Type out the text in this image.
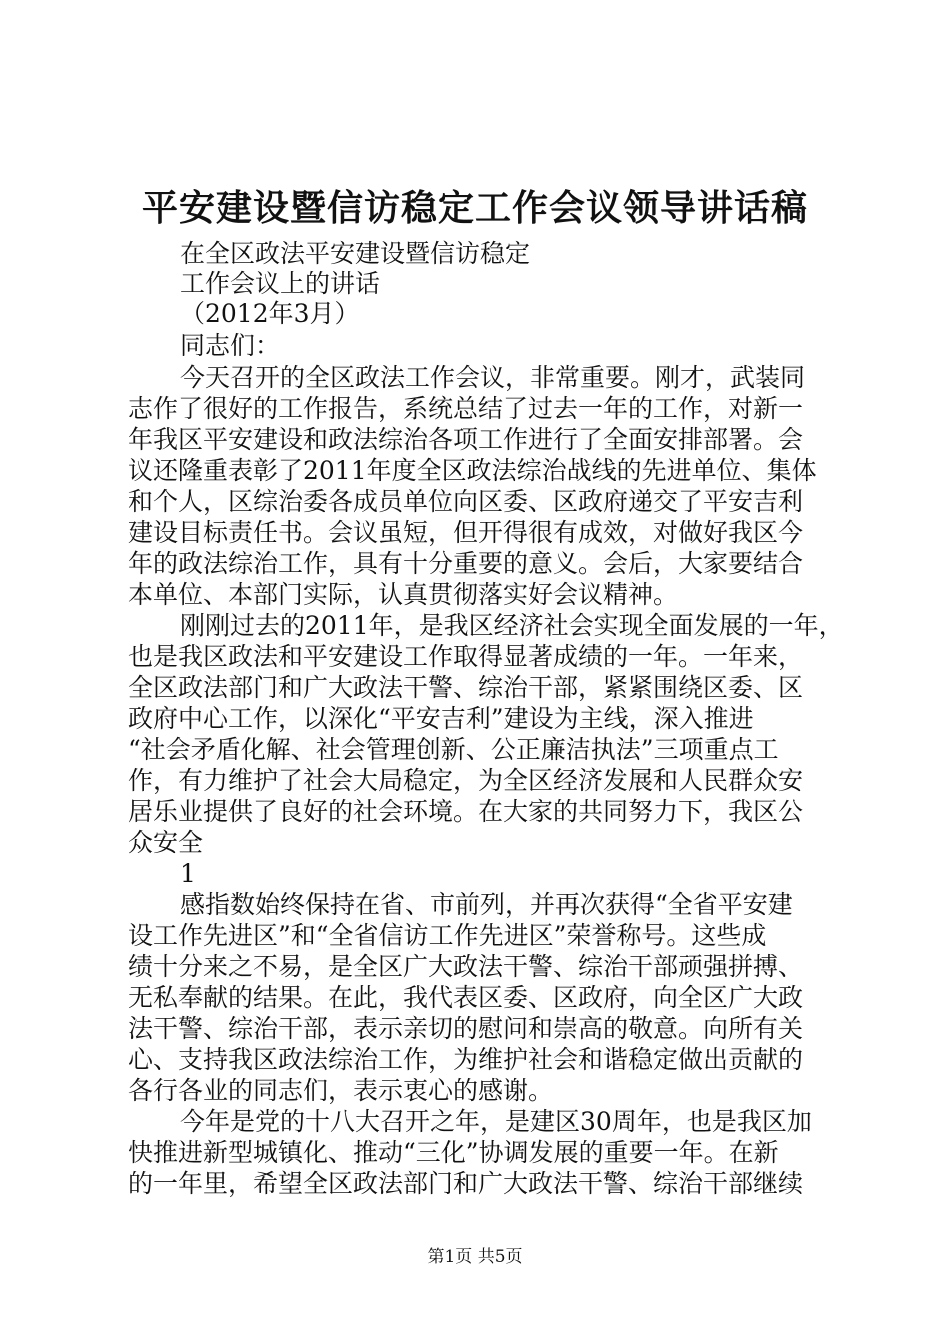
平安建设暨信访稳定工作会议领导讲话稿
在全区政法平安建设暨信访稳定
工作会议上的讲话
（2012年3月）
同志们：
今天召开的全区政法工作会议，非常重要。刚才，武装同
志作了很好的工作报告，系统总结了过去一年的工作，对新一
年我区平安建设和政法综治各项工作进行了全面安排部署。会
议还隆重表彰了2011年度全区政法综治战线的先进单位、集体
和个人，区综治委各成员单位向区委、区政府递交了平安吉利
建设目标责任书。会议虽短，但开得很有成效，对做好我区今
年的政法综治工作，具有十分重要的意义。会后，大家要结合
本单位、本部门实际，认真贯彻落实好会议精神。
刚刚过去的2011年，是我区经济社会实现全面发展的一年，
也是我区政法和平安建设工作取得显著成绩的一年。一年来，
全区政法部门和广大政法干警、综治干部，紧紧围绕区委、区
政府中心工作，以深化“平安吉利”建设为主线，深入推进
“社会矛盾化解、社会管理创新、公正廉洁执法”三项重点工
作，有力维护了社会大局稳定，为全区经济发展和人民群众安
居乐业提供了良好的社会环境。在大家的共同努力下，我区公
众安全
1
感指数始终保持在省、市前列，并再次获得“全省平安建
设工作先进区”和“全省信访工作先进区”荣誉称号。这些成
绩十分来之不易，是全区广大政法干警、综治干部顽强拼搏、
无私奉献的结果。在此，我代表区委、区政府，向全区广大政
法干警、综治干部，表示亲切的慰问和崇高的敬意。向所有关
心、支持我区政法综治工作，为维护社会和谐稳定做出贡献的
各行各业的同志们，表示衷心的感谢。
今年是党的十八大召开之年，是建区30周年，也是我区加
快推进新型城镇化、推动“三化”协调发展的重要一年。在新
的一年里，希望全区政法部门和广大政法干警、综治干部继续
第1页 共5页
